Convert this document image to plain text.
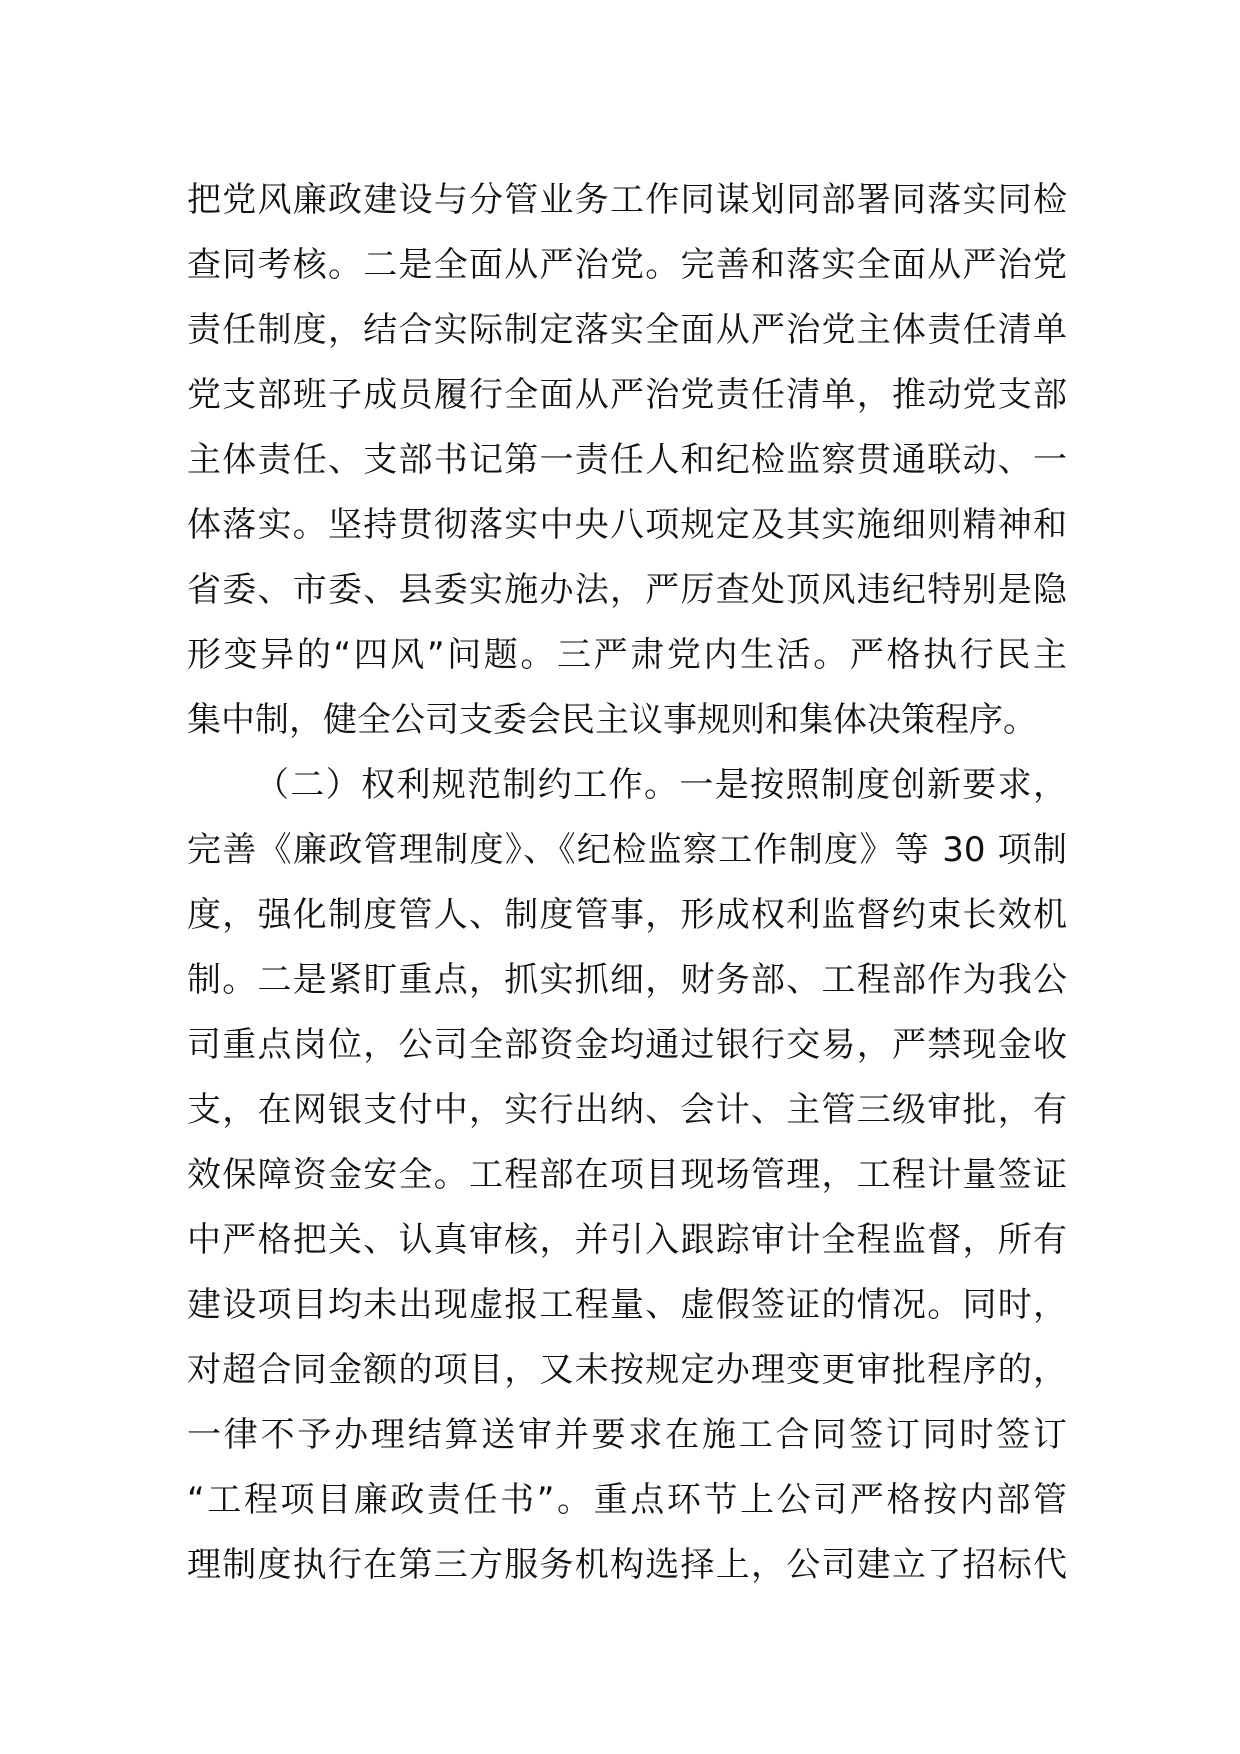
把党风廉政建设与分管业务工作同谋划同部署同落实同检
查同考核。二是全面从严治党。完善和落实全面从严治党
责任制度，结合实际制定落实全面从严治党主体责任清单
党支部班子成员履行全面从严治党责任清单，推动党支部
主体责任、支部书记第一责任人和纪检监察贯通联动、一
体落实。坚持贯彻落实中央八项规定及其实施细则精神和
省委、市委、县委实施办法，严厉查处顶风违纪特别是隐
形变异的“四风”问题。三严肃党内生活。严格执行民主
集中制，健全公司支委会民主议事规则和集体决策程序。
（二）权利规范制约工作。一是按照制度创新要求，
完善《廉政管理制度》、《纪检监察工作制度》等 30 项制
度，强化制度管人、制度管事，形成权利监督约束长效机
制。二是紧盯重点，抓实抓细，财务部、工程部作为我公
司重点岗位，公司全部资金均通过银行交易，严禁现金收
支，在网银支付中，实行出纳、会计、主管三级审批，有
效保障资金安全。工程部在项目现场管理，工程计量签证
中严格把关、认真审核，并引入跟踪审计全程监督，所有
建设项目均未出现虚报工程量、虚假签证的情况。同时，
对超合同金额的项目，又未按规定办理变更审批程序的，
一律不予办理结算送审并要求在施工合同签订同时签订
“工程项目廉政责任书”。重点环节上公司严格按内部管
理制度执行在第三方服务机构选择上，公司建立了招标代
